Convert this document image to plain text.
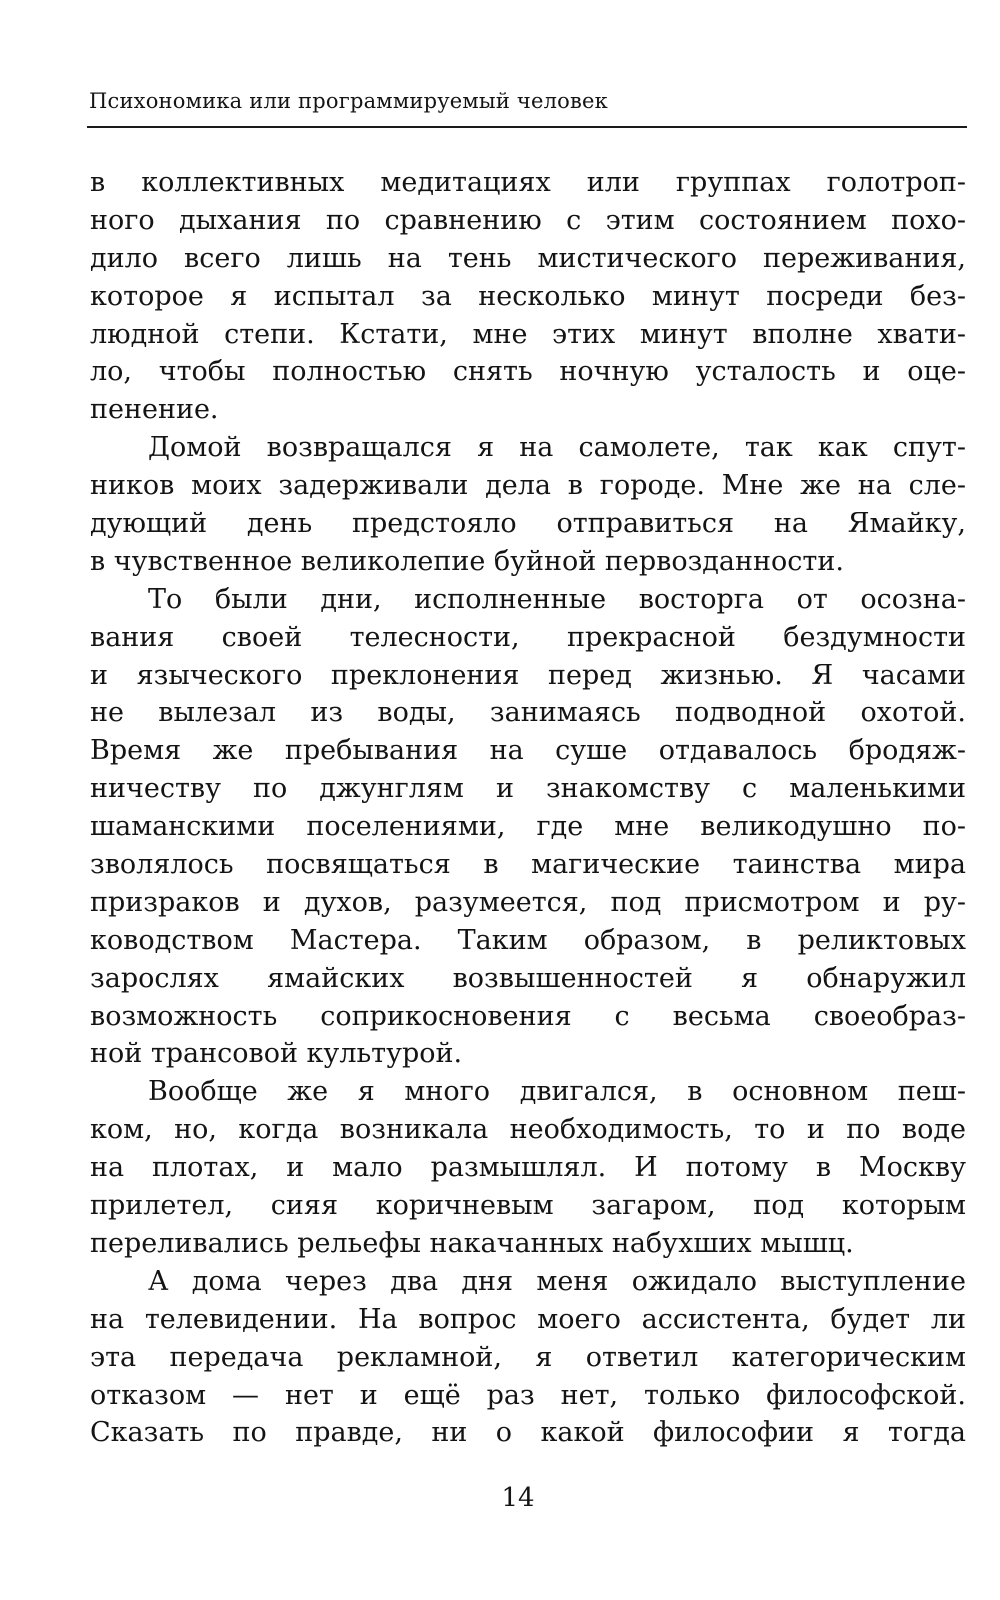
Психономика или программируемый человек
в коллективных медитациях или группах голотроп-
ного дыхания по сравнению с этим состоянием похо-
дило всего лишь на тень мистического переживания,
которое я испытал за несколько минут посреди без-
людной степи. Кстати, мне этих минут вполне хвати-
ло, чтобы полностью снять ночную усталость и оце-
пенение.
Домой возвращался я на самолете, так как спут-
ников моих задерживали дела в городе. Мне же на сле-
дующий день предстояло отправиться на Ямайку,
в чувственное великолепие буйной первозданности.
То были дни, исполненные восторга от осозна-
вания своей телесности, прекрасной бездумности
и языческого преклонения перед жизнью. Я часами
не вылезал из воды, занимаясь подводной охотой.
Время же пребывания на суше отдавалось бродяж-
ничеству по джунглям и знакомству с маленькими
шаманскими поселениями, где мне великодушно по-
зволялось посвящаться в магические таинства мира
призраков и духов, разумеется, под присмотром и ру-
ководством Мастера. Таким образом, в реликтовых
зарослях ямайских возвышенностей я обнаружил
возможность соприкосновения с весьма своеобраз-
ной трансовой культурой.
Вообще же я много двигался, в основном пеш-
ком, но, когда возникала необходимость, то и по воде
на плотах, и мало размышлял. И потому в Москву
прилетел, сияя коричневым загаром, под которым
переливались рельефы накачанных набухших мышц.
А дома через два дня меня ожидало выступление
на телевидении. На вопрос моего ассистента, будет ли
эта передача рекламной, я ответил категорическим
отказом — нет и ещё раз нет, только философской.
Сказать по правде, ни о какой философии я тогда
14
